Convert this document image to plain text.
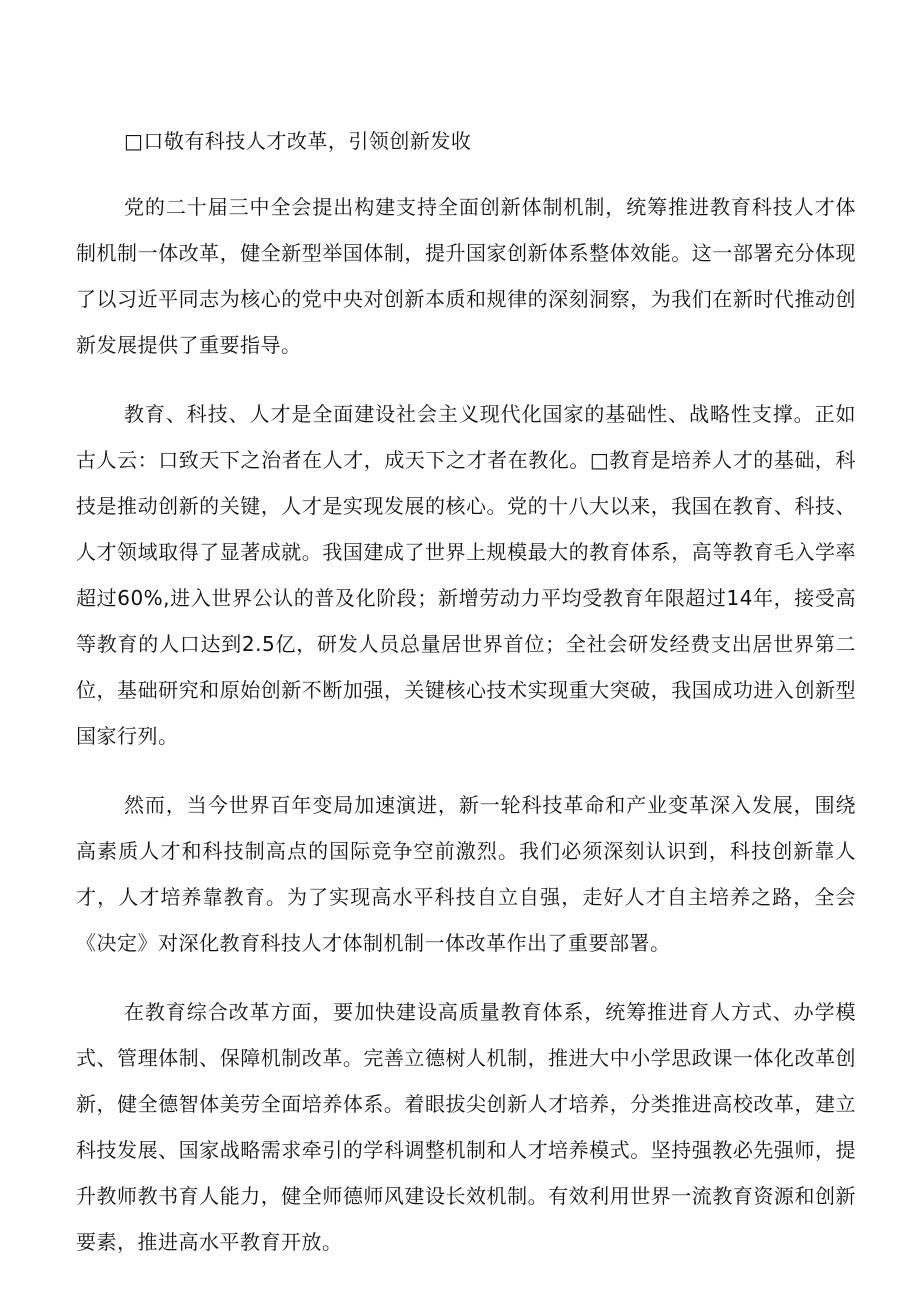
□口敬有科技人才改革，引领创新发收

党的二十届三中全会提出构建支持全面创新体制机制，统筹推进教育科技人才体制机制一体改革，健全新型举国体制，提升国家创新体系整体效能。这一部署充分体现了以习近平同志为核心的党中央对创新本质和规律的深刻洞察，为我们在新时代推动创新发展提供了重要指导。

教育、科技、人才是全面建设社会主义现代化国家的基础性、战略性支撑。正如古人云：口致天下之治者在人才，成天下之才者在教化。□教育是培养人才的基础，科技是推动创新的关键，人才是实现发展的核心。党的十八大以来，我国在教育、科技、人才领域取得了显著成就。我国建成了世界上规模最大的教育体系，高等教育毛入学率超过60%,进入世界公认的普及化阶段；新增劳动力平均受教育年限超过14年，接受高等教育的人口达到2.5亿，研发人员总量居世界首位；全社会研发经费支出居世界第二位，基础研究和原始创新不断加强，关键核心技术实现重大突破，我国成功进入创新型国家行列。

然而，当今世界百年变局加速演进，新一轮科技革命和产业变革深入发展，围绕高素质人才和科技制高点的国际竞争空前激烈。我们必须深刻认识到，科技创新靠人才，人才培养靠教育。为了实现高水平科技自立自强，走好人才自主培养之路，全会《决定》对深化教育科技人才体制机制一体改革作出了重要部署。

在教育综合改革方面，要加快建设高质量教育体系，统筹推进育人方式、办学模式、管理体制、保障机制改革。完善立德树人机制，推进大中小学思政课一体化改革创新，健全德智体美劳全面培养体系。着眼拔尖创新人才培养，分类推进高校改革，建立科技发展、国家战略需求牵引的学科调整机制和人才培养模式。坚持强教必先强师，提升教师教书育人能力，健全师德师风建设长效机制。有效利用世界一流教育资源和创新要素，推进高水平教育开放。
